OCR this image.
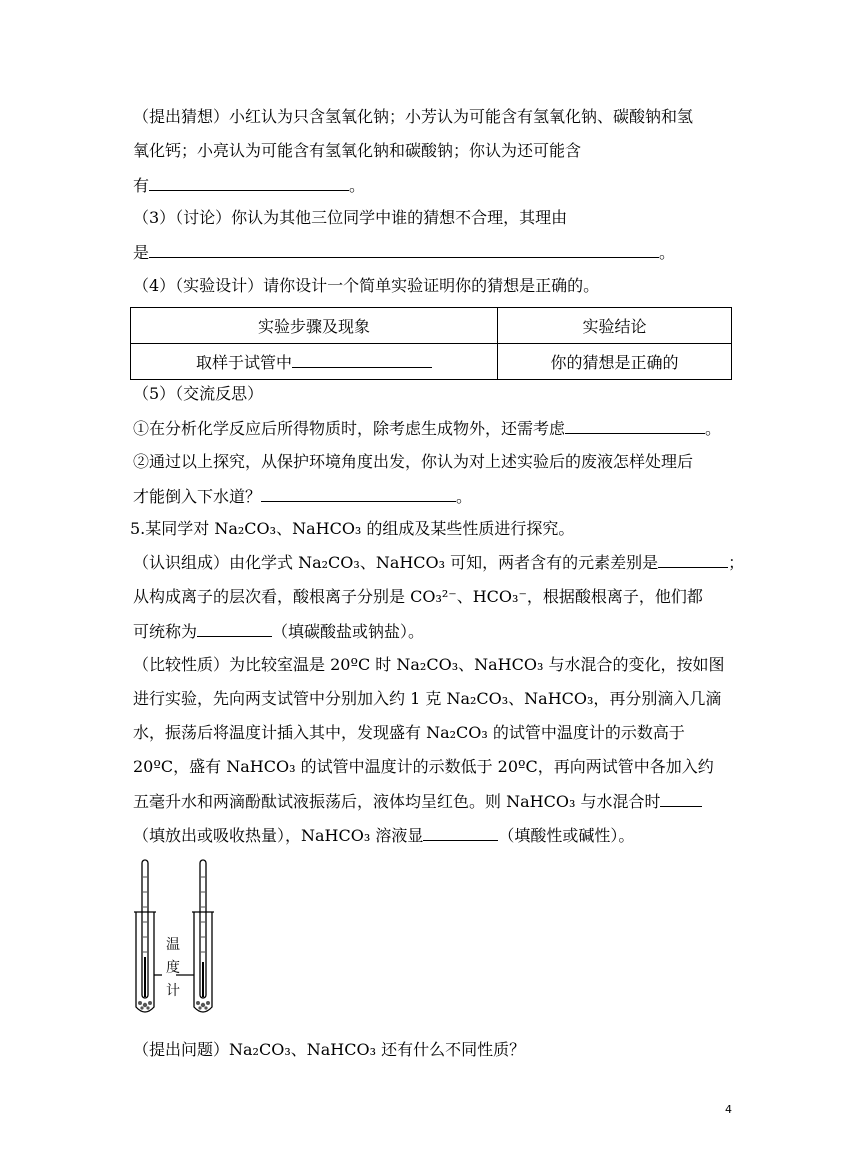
（提出猜想）小红认为只含氢氧化钠；小芳认为可能含有氢氧化钠、碳酸钠和氢
氧化钙；小亮认为可能含有氢氧化钠和碳酸钠；你认为还可能含
有	。
（3）（讨论）你认为其他三位同学中谁的猜想不合理，其理由
是	。
（4）（实验设计）请你设计一个简单实验证明你的猜想是正确的。
实验步骤及现象	实验结论
取样于试管中	你的猜想是正确的
（5）（交流反思）
①在分析化学反应后所得物质时，除考虑生成物外，还需考虑	。
②通过以上探究，从保护环境角度出发，你认为对上述实验后的废液怎样处理后
才能倒入下水道？	。
5.某同学对 Na₂CO₃、NaHCO₃ 的组成及某些性质进行探究。
（认识组成）由化学式 Na₂CO₃、NaHCO₃ 可知，两者含有的元素差别是	；
从构成离子的层次看，酸根离子分别是 CO₃²⁻、HCO₃⁻，根据酸根离子，他们都
可统称为	（填碳酸盐或钠盐）。
（比较性质）为比较室温是 20ºC 时 Na₂CO₃、NaHCO₃ 与水混合的变化，按如图
进行实验，先向两支试管中分别加入约 1 克 Na₂CO₃、NaHCO₃，再分别滴入几滴
水，振荡后将温度计插入其中，发现盛有 Na₂CO₃ 的试管中温度计的示数高于
20ºC，盛有 NaHCO₃ 的试管中温度计的示数低于 20ºC，再向两试管中各加入约
五毫升水和两滴酚酞试液振荡后，液体均呈红色。则 NaHCO₃ 与水混合时
（填放出或吸收热量），NaHCO₃ 溶液显	（填酸性或碱性）。
温
度
计
（提出问题）Na₂CO₃、NaHCO₃ 还有什么不同性质？
4
